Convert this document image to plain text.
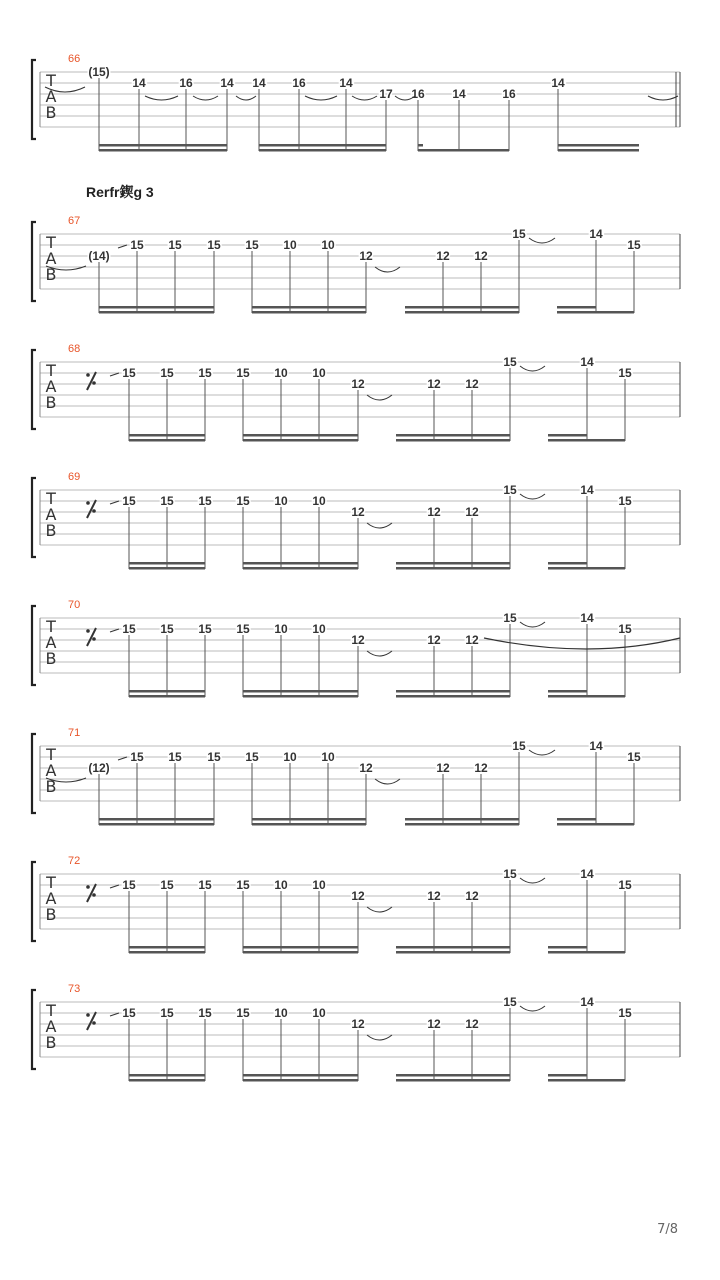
T
A
B
66
(15)
14	16 14 14 16	14
17 16 14	16
14
T
A
B
67
(14)
15 15 15 15 10 10
12	12 12
15	14
15
T
A
B
68
15 15 15 15 10 10
12	12 12
15	14
15
T
A
B
69
15 15 15 15 10 10
12	12 12
15	14
15
T
A
B
70
15 15 15 15 10 10
12	12 12
15	14
15
T
A
B
71
(12)
15 15 15 15 10 10
12	12 12
15	14
15
T
A
B
72
15 15 15 15 10 10
12	12 12
15	14
15
T
A
B
73
15 15 15 15 10 10
12	12 12
15	14
15
Rerfr鍥g 3
7/8
